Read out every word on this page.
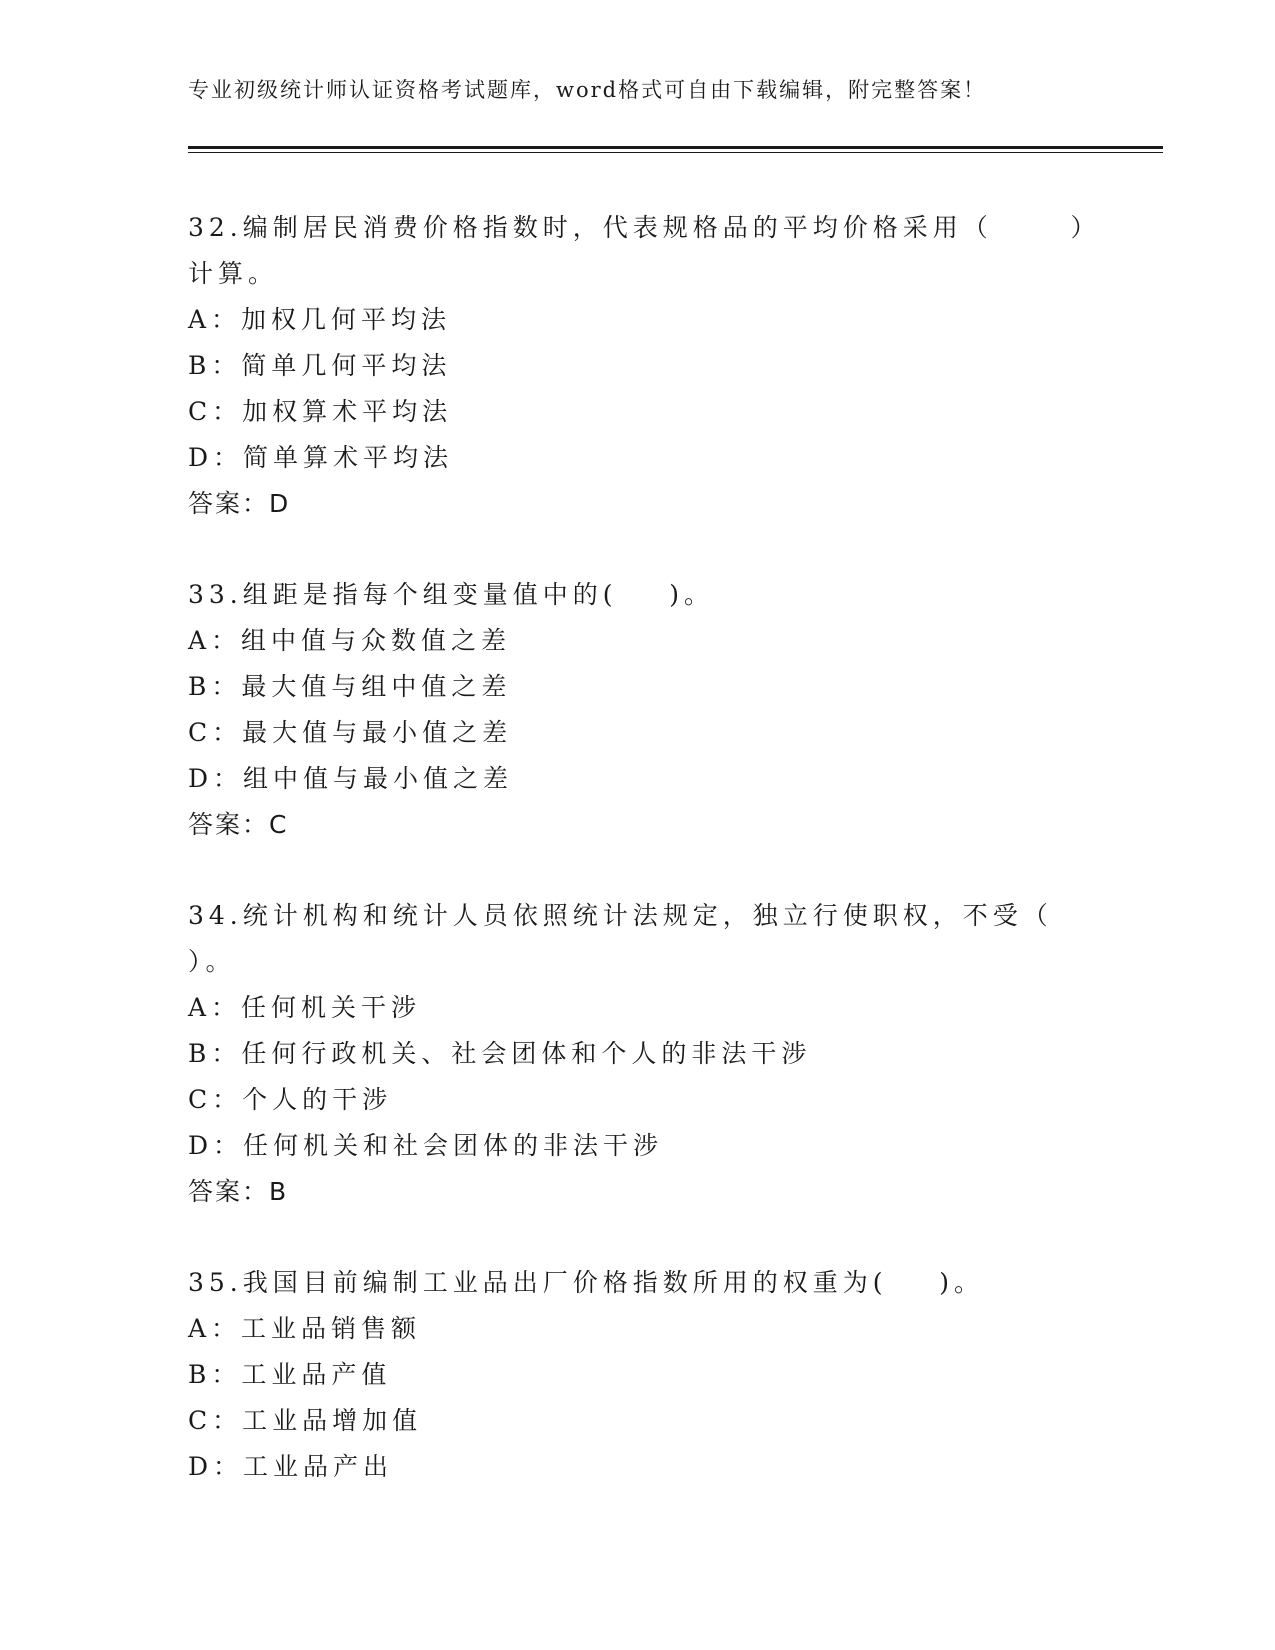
专业初级统计师认证资格考试题库，word格式可自由下载编辑，附完整答案！
32.编制居民消费价格指数时，代表规格品的平均价格采用（      ）
计算。
A：加权几何平均法
B：简单几何平均法
C：加权算术平均法
D：简单算术平均法
答案：D
33.组距是指每个组变量值中的(    )。
A：组中值与众数值之差
B：最大值与组中值之差
C：最大值与最小值之差
D：组中值与最小值之差
答案：C
34.统计机构和统计人员依照统计法规定，独立行使职权，不受（
）。
A：任何机关干涉
B：任何行政机关、社会团体和个人的非法干涉
C：个人的干涉
D：任何机关和社会团体的非法干涉
答案：B
35.我国目前编制工业品出厂价格指数所用的权重为(    )。
A：工业品销售额
B：工业品产值
C：工业品增加值
D：工业品产出
